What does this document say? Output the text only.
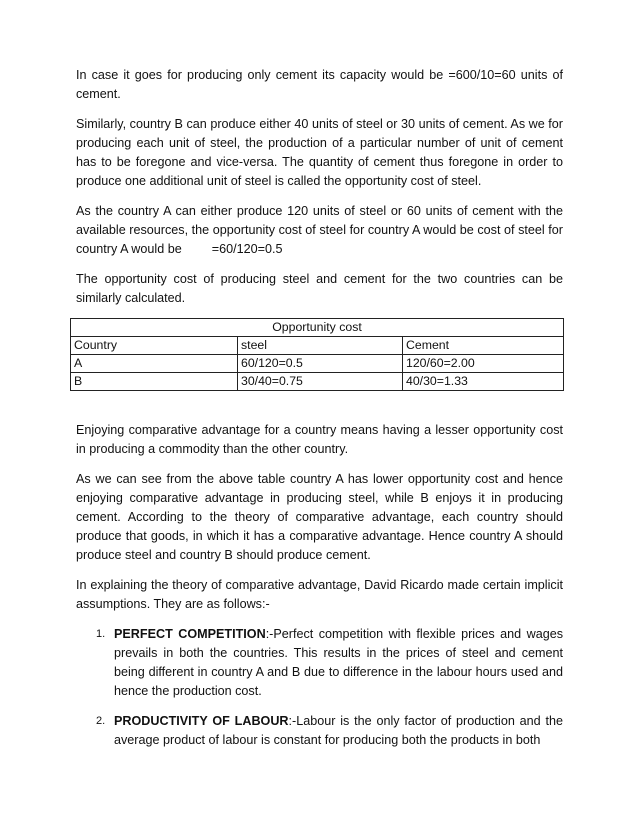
In case it goes for producing only cement its capacity would be =600/10=60 units of cement.

Similarly, country B can produce either 40 units of steel or 30 units of cement. As we for producing each unit of steel, the production of a particular number of unit of cement has to be foregone and vice-versa. The quantity of cement thus foregone in order to produce one additional unit of steel is called the opportunity cost of steel.

As the country A can either produce 120 units of steel or 60 units of cement with the available resources, the opportunity cost of steel for country A would be cost of steel for country A would be =60/120=0.5

The opportunity cost of producing steel and cement for the two countries can be similarly calculated.

Opportunity cost		
Country	steel	Cement
A	60/120=0.5	120/60=2.00
B	30/40=0.75	40/30=1.33

Enjoying comparative advantage for a country means having a lesser opportunity cost in producing a commodity than the other country.

As we can see from the above table country A has lower opportunity cost and hence enjoying comparative advantage in producing steel, while B enjoys it in producing cement. According to the theory of comparative advantage, each country should produce that goods, in which it has a comparative advantage. Hence country A should produce steel and country B should produce cement.

In explaining the theory of comparative advantage, David Ricardo made certain implicit assumptions. They are as follows:-

1. PERFECT COMPETITION:-Perfect competition with flexible prices and wages prevails in both the countries. This results in the prices of steel and cement being different in country A and B due to difference in the labour hours used and hence the production cost.
2. PRODUCTIVITY OF LABOUR:-Labour is the only factor of production and the average product of labour is constant for producing both the products in both
